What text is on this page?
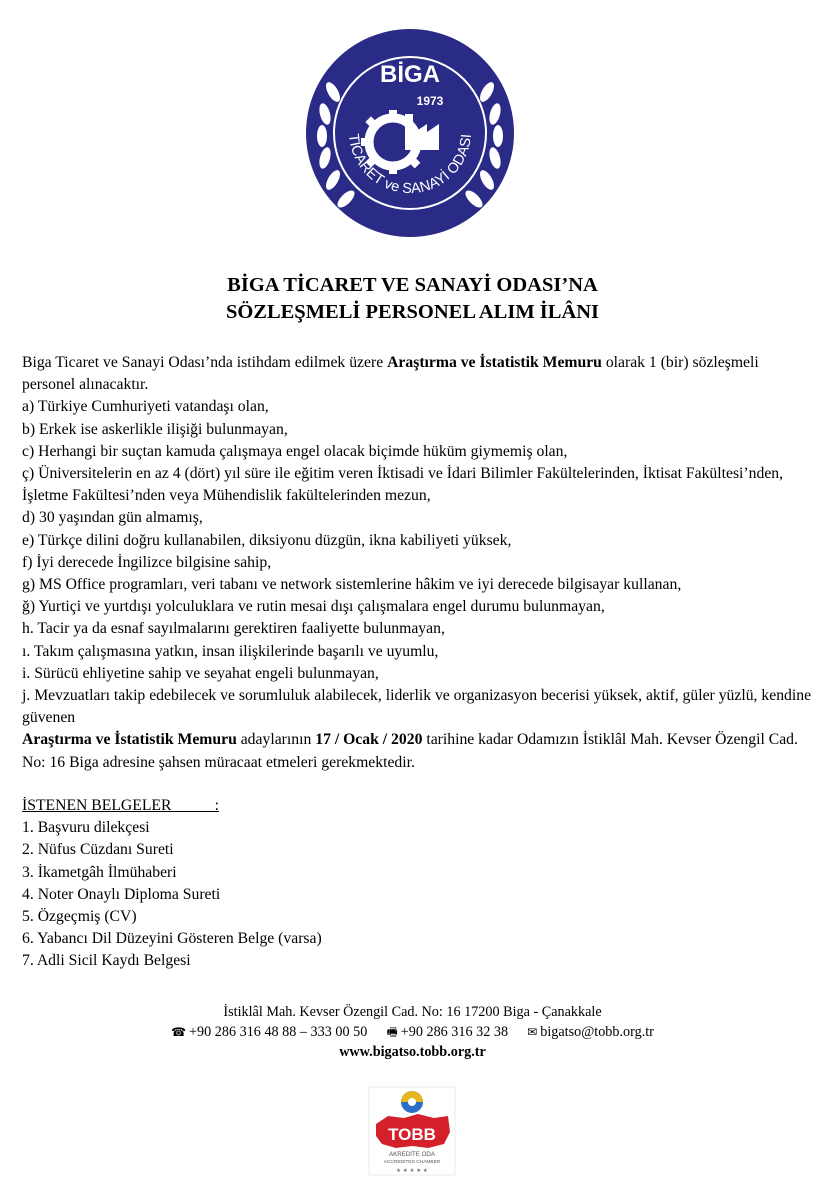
BİGA
1973
TİCARET ve SANAYİ ODASI
BİGA TİCARET VE SANAYİ ODASI’NA
SÖZLEŞMELİ PERSONEL ALIM İLÂNI

Biga Ticaret ve Sanayi Odası’nda istihdam edilmek üzere Araştırma ve İstatistik Memuru olarak 1 (bir) sözleşmeli personel alınacaktır.

a) Türkiye Cumhuriyeti vatandaşı olan,

b) Erkek ise askerlikle ilişiği bulunmayan,

c) Herhangi bir suçtan kamuda çalışmaya engel olacak biçimde hüküm giymemiş olan,

ç) Üniversitelerin en az 4 (dört) yıl süre ile eğitim veren İktisadi ve İdari Bilimler Fakültelerinden, İktisat Fakültesi’nden, İşletme Fakültesi’nden veya Mühendislik fakültelerinden mezun,

d) 30 yaşından gün almamış,

e) Türkçe dilini doğru kullanabilen, diksiyonu düzgün, ikna kabiliyeti yüksek,

f) İyi derecede İngilizce bilgisine sahip,

g) MS Office programları, veri tabanı ve network sistemlerine hâkim ve iyi derecede bilgisayar kullanan,

ğ) Yurtiçi ve yurtdışı yolculuklara ve rutin mesai dışı çalışmalara engel durumu bulunmayan,

h. Tacir ya da esnaf sayılmalarını gerektiren faaliyette bulunmayan,

ı. Takım çalışmasına yatkın, insan ilişkilerinde başarılı ve uyumlu,

i. Sürücü ehliyetine sahip ve seyahat engeli bulunmayan,

j. Mevzuatları takip edebilecek ve sorumluluk alabilecek, liderlik ve organizasyon becerisi yüksek, aktif, güler yüzlü, kendine güvenen

Araştırma ve İstatistik Memuru adaylarının 17 / Ocak / 2020 tarihine kadar Odamızın İstiklâl Mah. Kevser Özengil Cad. No: 16 Biga adresine şahsen müracaat etmeleri gerekmektedir.

İSTENEN BELGELER           :
1. Başvuru dilekçesi
2. Nüfus Cüzdanı Sureti
3. İkametgâh İlmühaberi
4. Noter Onaylı Diploma Sureti
5. Özgeçmiş (CV)
6. Yabancı Dil Düzeyini Gösteren Belge (varsa)
7. Adli Sicil Kaydı Belgesi
İstiklâl Mah. Kevser Özengil Cad. No: 16 17200 Biga - Çanakkale
☎ +90 286 316 48 88 – 333 00 50 🖷 +90 286 316 32 38 ✉ bigatso@tobb.org.tr
www.bigatso.tobb.org.tr
TOBB
AKREDİTE ODA
ACCREDITED CHAMBER
★ ★ ★ ★ ★
